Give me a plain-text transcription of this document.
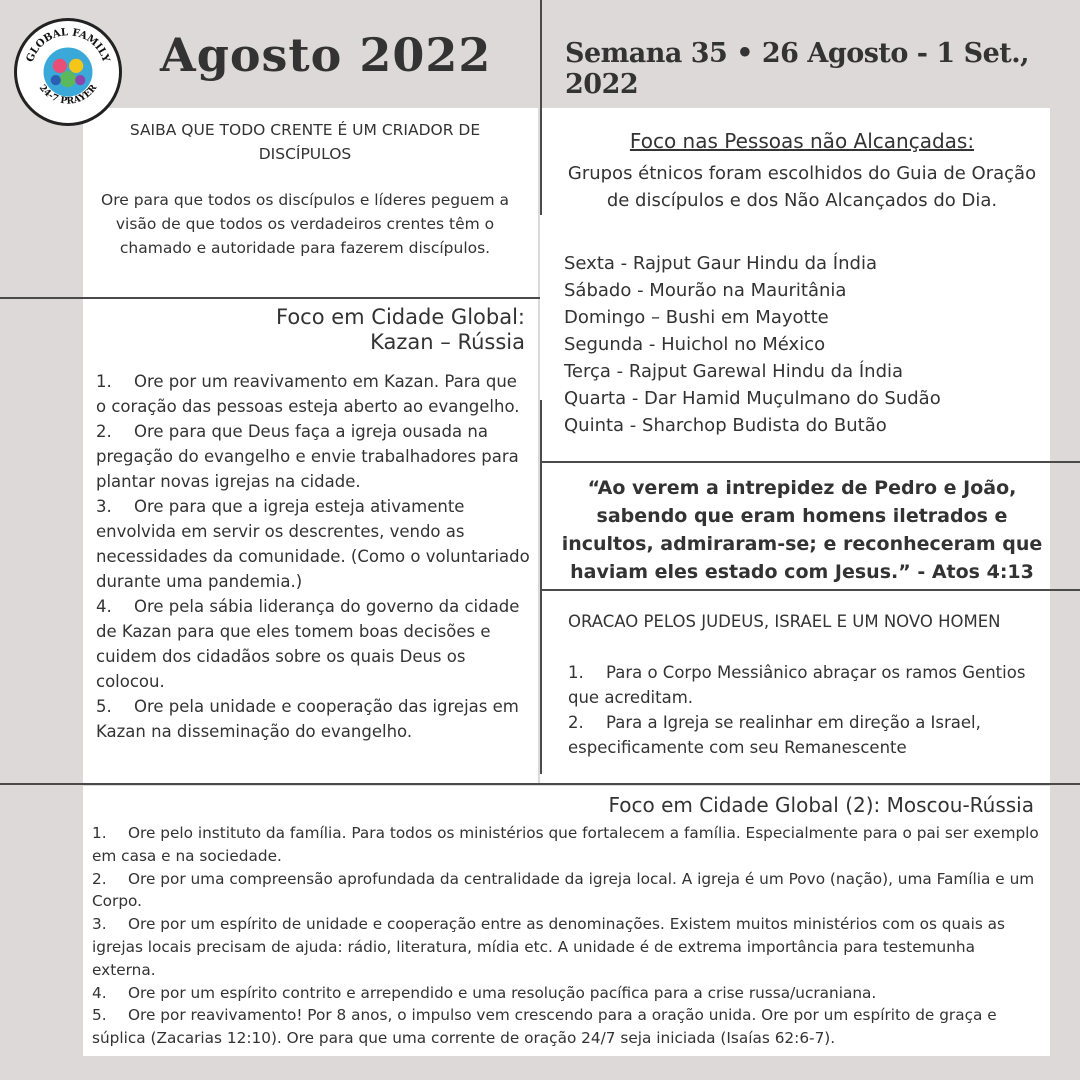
GLOBAL FAMILY
24-7 PRAYER
Agosto 2022	Semana 35 • 26 Agosto - 1 Set., 2022

SAIBA QUE TODO CRENTE É UM CRIADOR DE DISCÍPULOS

Ore para que todos os discípulos e líderes peguem a visão de que todos os verdadeiros crentes têm o chamado e autoridade para fazerem discípulos.

Foco em Cidade Global:
Kazan – Rússia
1. Ore por um reavivamento em Kazan. Para que o coração das pessoas esteja aberto ao evangelho.
2. Ore para que Deus faça a igreja ousada na pregação do evangelho e envie trabalhadores para plantar novas igrejas na cidade.
3. Ore para que a igreja esteja ativamente envolvida em servir os descrentes, vendo as necessidades da comunidade. (Como o voluntariado durante uma pandemia.)
4. Ore pela sábia liderança do governo da cidade de Kazan para que eles tomem boas decisões e cuidem dos cidadãos sobre os quais Deus os colocou.
5. Ore pela unidade e cooperação das igrejas em Kazan na disseminação do evangelho.
Foco nas Pessoas não Alcançadas:
Grupos étnicos foram escolhidos do Guia de Oração de discípulos e dos Não Alcançados do Dia.
Sexta - Rajput Gaur Hindu da Índia
Sábado - Mourão na Mauritânia
Domingo – Bushi em Mayotte
Segunda - Huichol no México
Terça - Rajput Garewal Hindu da Índia
Quarta - Dar Hamid Muçulmano do Sudão
Quinta - Sharchop Budista do Butão
“Ao verem a intrepidez de Pedro e João, sabendo que eram homens iletrados e incultos, admiraram-se; e reconheceram que haviam eles estado com Jesus.” - Atos 4:13
ORACAO PELOS JUDEUS, ISRAEL E UM NOVO HOMEN
1. Para o Corpo Messiânico abraçar os ramos Gentios que acreditam.
2. Para a Igreja se realinhar em direção a Israel, especificamente com seu Remanescente
Foco em Cidade Global (2): Moscou-Rússia
1. Ore pelo instituto da família. Para todos os ministérios que fortalecem a família. Especialmente para o pai ser exemplo em casa e na sociedade.
2. Ore por uma compreensão aprofundada da centralidade da igreja local. A igreja é um Povo (nação), uma Família e um Corpo.
3. Ore por um espírito de unidade e cooperação entre as denominações. Existem muitos ministérios com os quais as igrejas locais precisam de ajuda: rádio, literatura, mídia etc. A unidade é de extrema importância para testemunha externa.
4. Ore por um espírito contrito e arrependido e uma resolução pacífica para a crise russa/ucraniana.
5. Ore por reavivamento! Por 8 anos, o impulso vem crescendo para a oração unida. Ore por um espírito de graça e súplica (Zacarias 12:10). Ore para que uma corrente de oração 24/7 seja iniciada (Isaías 62:6-7).
